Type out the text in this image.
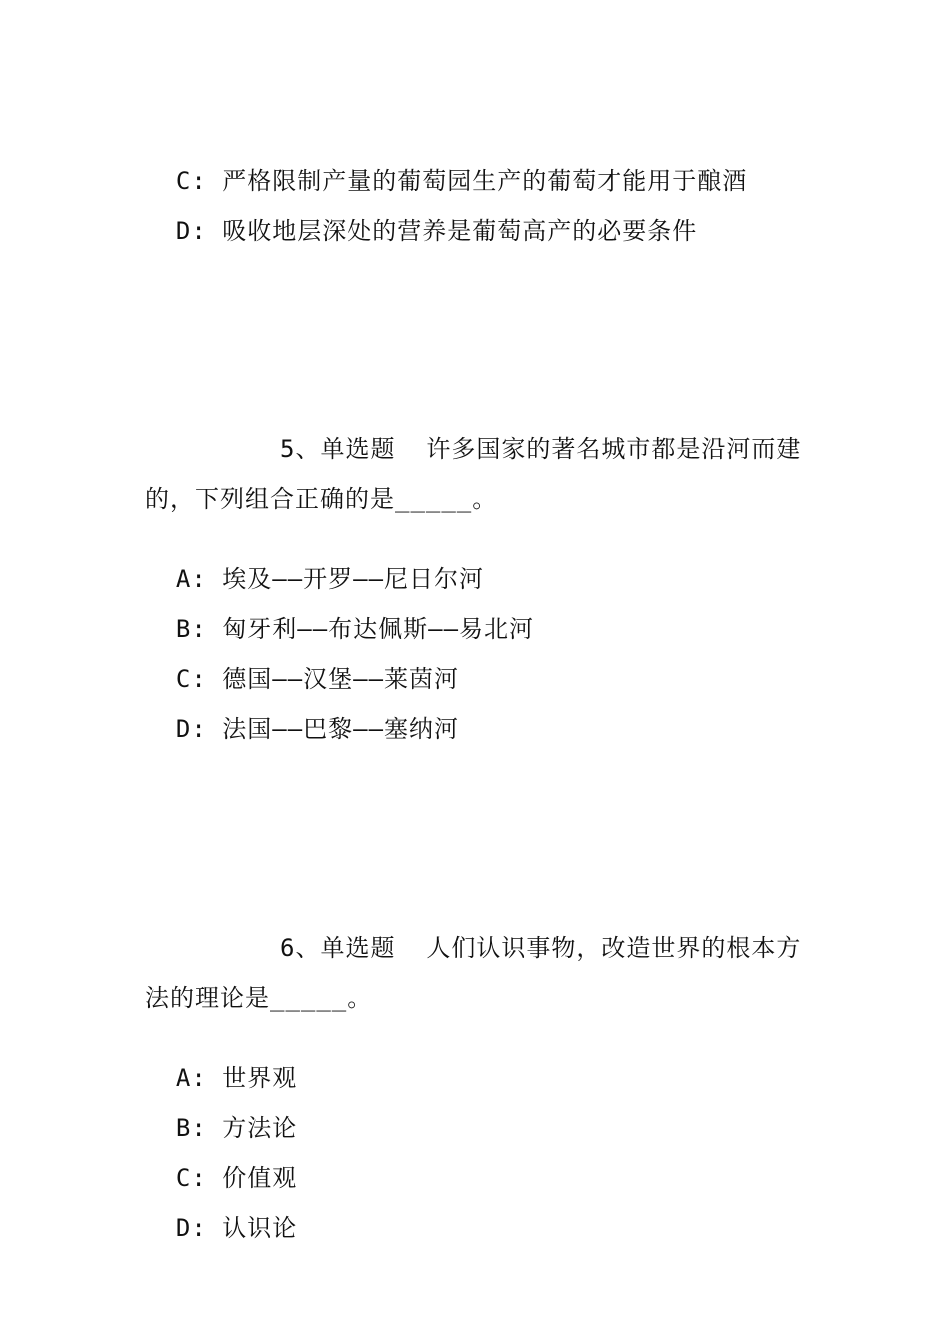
C: 严格限制产量的葡萄园生产的葡萄才能用于酿酒

D: 吸收地层深处的营养是葡萄高产的必要条件

5、单选题  许多国家的著名城市都是沿河而建
的，下列组合正确的是_____。

A: 埃及——开罗——尼日尔河

B: 匈牙利——布达佩斯——易北河

C: 德国——汉堡——莱茵河

D: 法国——巴黎——塞纳河

6、单选题  人们认识事物，改造世界的根本方
法的理论是_____。

A: 世界观

B: 方法论

C: 价值观

D: 认识论
